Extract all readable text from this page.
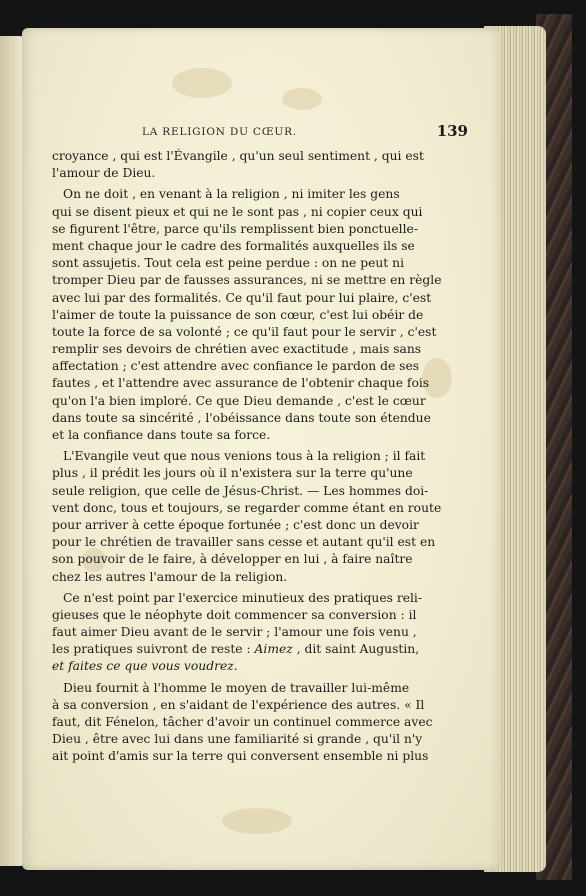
LA RELIGION DU CŒUR.	139
croyance , qui est l'Évangile , qu'un seul sentiment , qui est
l'amour de Dieu.
On ne doit , en venant à la religion , ni imiter les gens
qui se disent pieux et qui ne le sont pas , ni copier ceux qui
se figurent l'être, parce qu'ils remplissent bien ponctuelle-
ment chaque jour le cadre des formalités auxquelles ils se
sont assujetis. Tout cela est peine perdue : on ne peut ni
tromper Dieu par de fausses assurances, ni se mettre en règle
avec lui par des formalités. Ce qu'il faut pour lui plaire, c'est
l'aimer de toute la puissance de son cœur, c'est lui obéir de
toute la force de sa volonté ; ce qu'il faut pour le servir , c'est
remplir ses devoirs de chrétien avec exactitude , mais sans
affectation ; c'est attendre avec confiance le pardon de ses
fautes , et l'attendre avec assurance de l'obtenir chaque fois
qu'on l'a bien imploré. Ce que Dieu demande , c'est le cœur
dans toute sa sincérité , l'obéissance dans toute son étendue
et la confiance dans toute sa force.
L'Evangile veut que nous venions tous à la religion ; il fait
plus , il prédit les jours où il n'existera sur la terre qu'une
seule religion, que celle de Jésus-Christ. — Les hommes doi-
vent donc, tous et toujours, se regarder comme étant en route
pour arriver à cette époque fortunée ; c'est donc un devoir
pour le chrétien de travailler sans cesse et autant qu'il est en
son pouvoir de le faire, à développer en lui , à faire naître
chez les autres l'amour de la religion.
Ce n'est point par l'exercice minutieux des pratiques reli-
gieuses que le néophyte doit commencer sa conversion : il
faut aimer Dieu avant de le servir ; l'amour une fois venu ,
les pratiques suivront de reste : Aimez , dit saint Augustin,
et faites ce que vous voudrez.
Dieu fournit à l'homme le moyen de travailler lui-même
à sa conversion , en s'aidant de l'expérience des autres. « Il
faut, dit Fénelon, tâcher d'avoir un continuel commerce avec
Dieu , être avec lui dans une familiarité si grande , qu'il n'y
ait point d'amis sur la terre qui conversent ensemble ni plus
